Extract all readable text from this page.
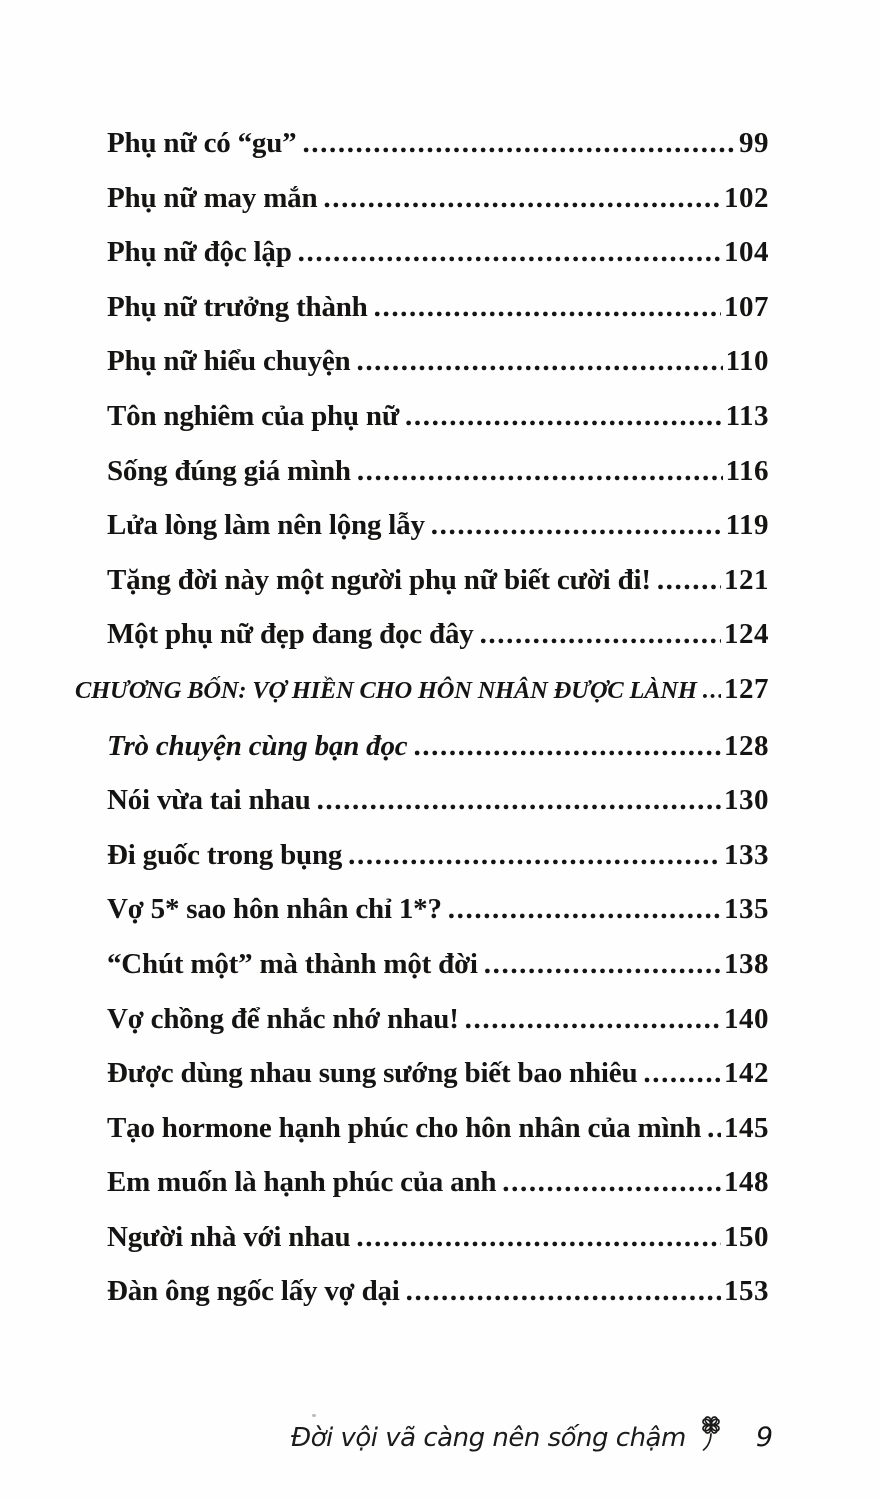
Phụ nữ có “gu” .....	99
Phụ nữ may mắn .....	102
Phụ nữ độc lập .....	104
Phụ nữ trưởng thành .....	107
Phụ nữ hiểu chuyện .....	110
Tôn nghiêm của phụ nữ .....	113
Sống đúng giá mình .....	116
Lửa lòng làm nên lộng lẫy .....	119
Tặng đời này một người phụ nữ biết cười đi! .....	121
Một phụ nữ đẹp đang đọc đây .....	124
CHƯƠNG BỐN: VỢ HIỀN CHO HÔN NHÂN ĐƯỢC LÀNH ..... 127
Trò chuyện cùng bạn đọc .....	128
Nói vừa tai nhau .....	130
Đi guốc trong bụng .....	133
Vợ 5* sao hôn nhân chỉ 1*? .....	135
“Chút một” mà thành một đời .....	138
Vợ chồng để nhắc nhớ nhau! .....	140
Được dùng nhau sung sướng biết bao nhiêu .....	142
Tạo hormone hạnh phúc cho hôn nhân của mình ..... 145
Em muốn là hạnh phúc của anh .....	148
Người nhà với nhau .....	150
Đàn ông ngốc lấy vợ dại .....	153
Đời vội vã càng nên sống chậm	9
